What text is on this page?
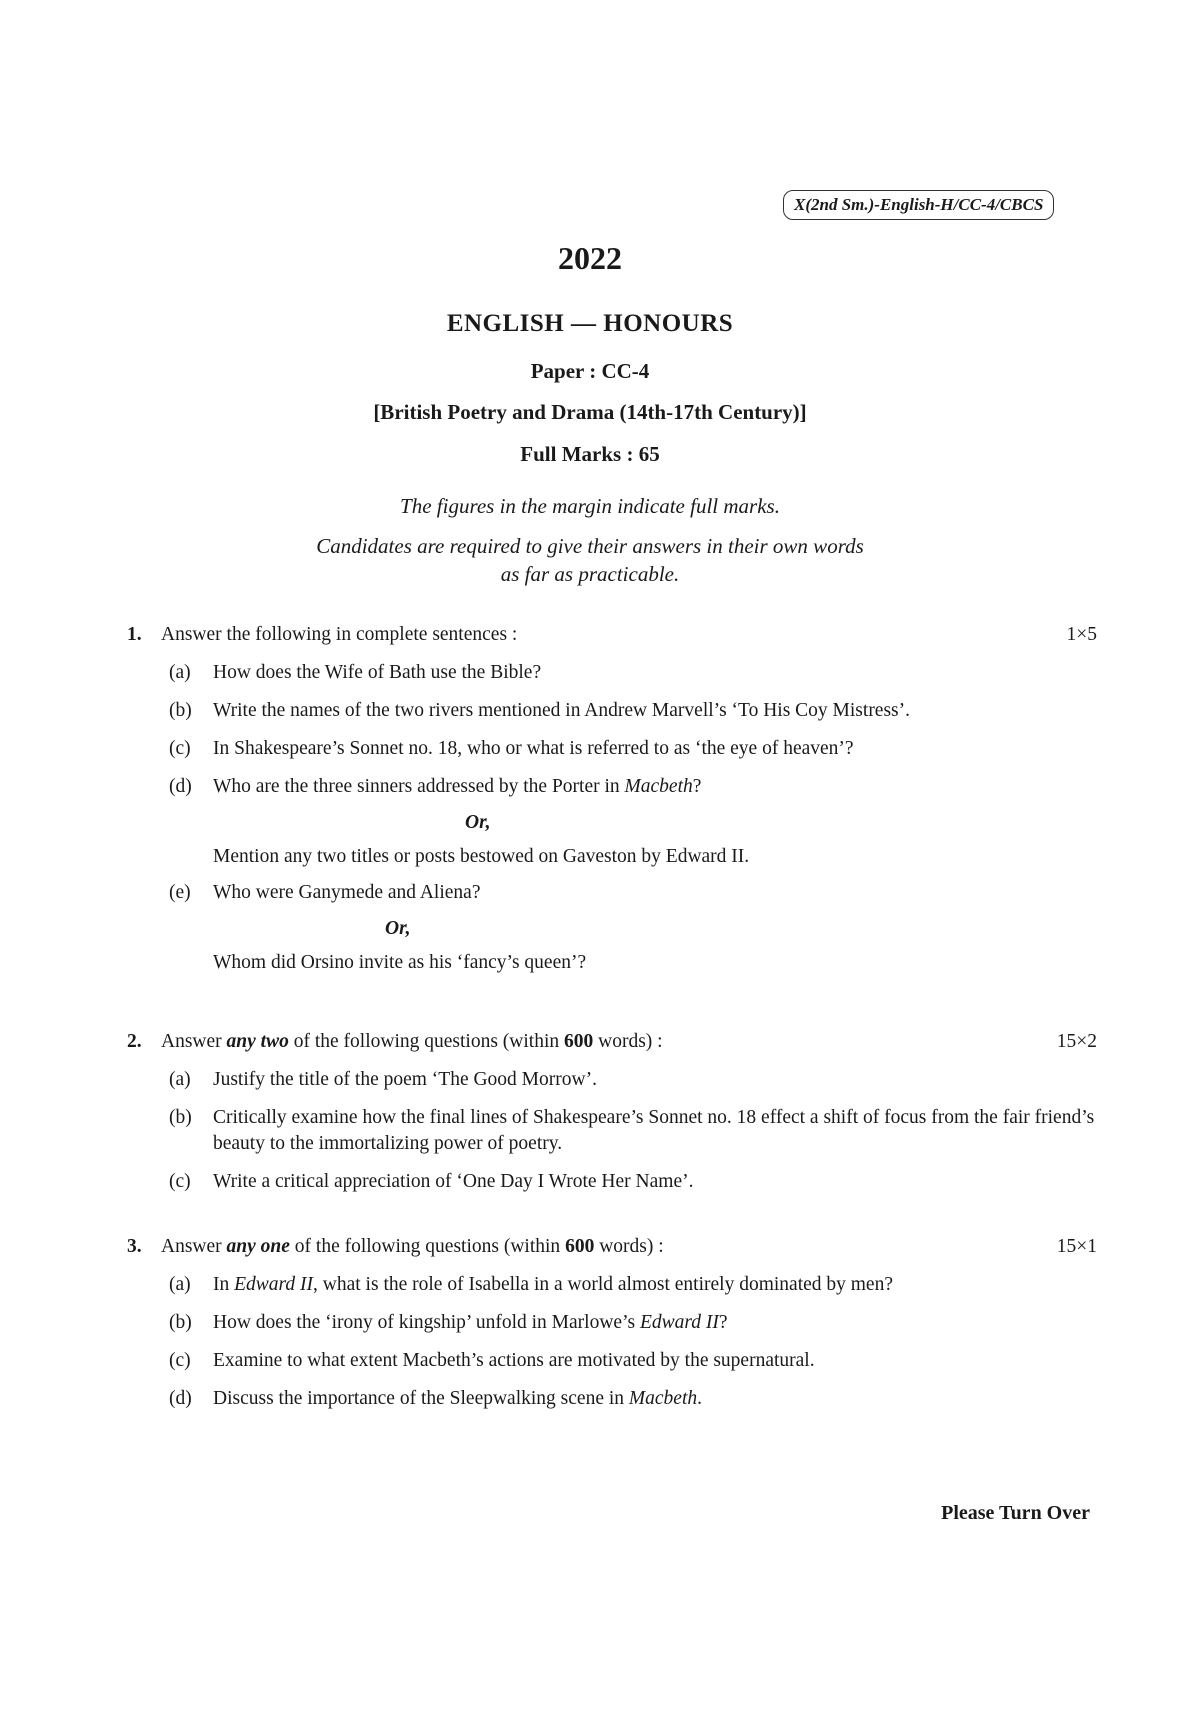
X(2nd Sm.)-English-H/CC-4/CBCS
2022
ENGLISH — HONOURS
Paper : CC-4
[British Poetry and Drama (14th-17th Century)]
Full Marks : 65
The figures in the margin indicate full marks.
Candidates are required to give their answers in their own words
as far as practicable.
1. Answer the following in complete sentences :	1×5
(a) How does the Wife of Bath use the Bible?
(b) Write the names of the two rivers mentioned in Andrew Marvell’s ‘To His Coy Mistress’.
(c) In Shakespeare’s Sonnet no. 18, who or what is referred to as ‘the eye of heaven’?
(d) Who are the three sinners addressed by the Porter in Macbeth?
Or,
Mention any two titles or posts bestowed on Gaveston by Edward II.
(e) Who were Ganymede and Aliena?
Or,
Whom did Orsino invite as his ‘fancy’s queen’?
2. Answer any two of the following questions (within 600 words) :	15×2
(a) Justify the title of the poem ‘The Good Morrow’.
(b) Critically examine how the final lines of Shakespeare’s Sonnet no. 18 effect a shift of focus from the fair friend’s beauty to the immortalizing power of poetry.
(c) Write a critical appreciation of ‘One Day I Wrote Her Name’.
3. Answer any one of the following questions (within 600 words) :	15×1
(a) In Edward II, what is the role of Isabella in a world almost entirely dominated by men?
(b) How does the ‘irony of kingship’ unfold in Marlowe’s Edward II?
(c) Examine to what extent Macbeth’s actions are motivated by the supernatural.
(d) Discuss the importance of the Sleepwalking scene in Macbeth.
Please Turn Over
